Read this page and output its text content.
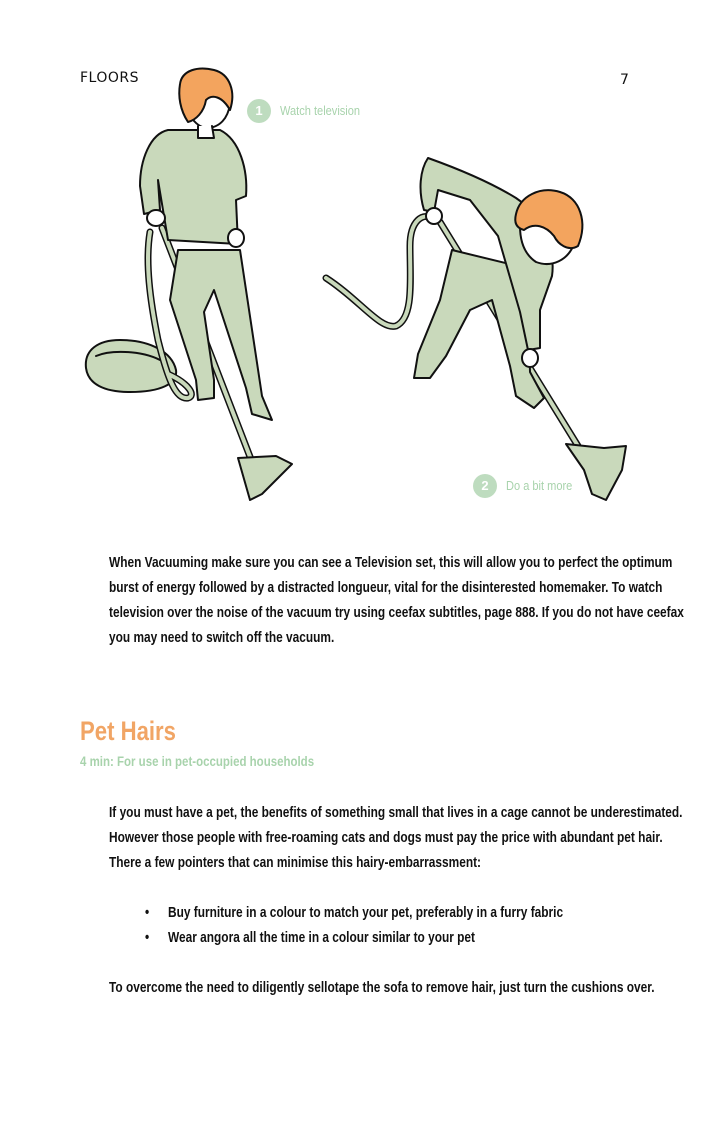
FLOORS	7
1	Watch television
2	Do a bit more
When Vacuuming make sure you can see a Television set, this will allow you to perfect the optimum
burst of energy followed by a distracted longueur, vital for the disinterested homemaker. To watch
television over the noise of the vacuum try using ceefax subtitles, page 888. If you do not have ceefax
you may need to switch off the vacuum.
Pet Hairs
4 min: For use in pet-occupied households
If you must have a pet, the benefits of something small that lives in a cage cannot be underestimated.
However those people with free-roaming cats and dogs must pay the price with abundant pet hair.
There a few pointers that can minimise this hairy-embarrassment:
• Buy furniture in a colour to match your pet, preferably in a furry fabric
• Wear angora all the time in a colour similar to your pet
To overcome the need to diligently sellotape the sofa to remove hair, just turn the cushions over.
